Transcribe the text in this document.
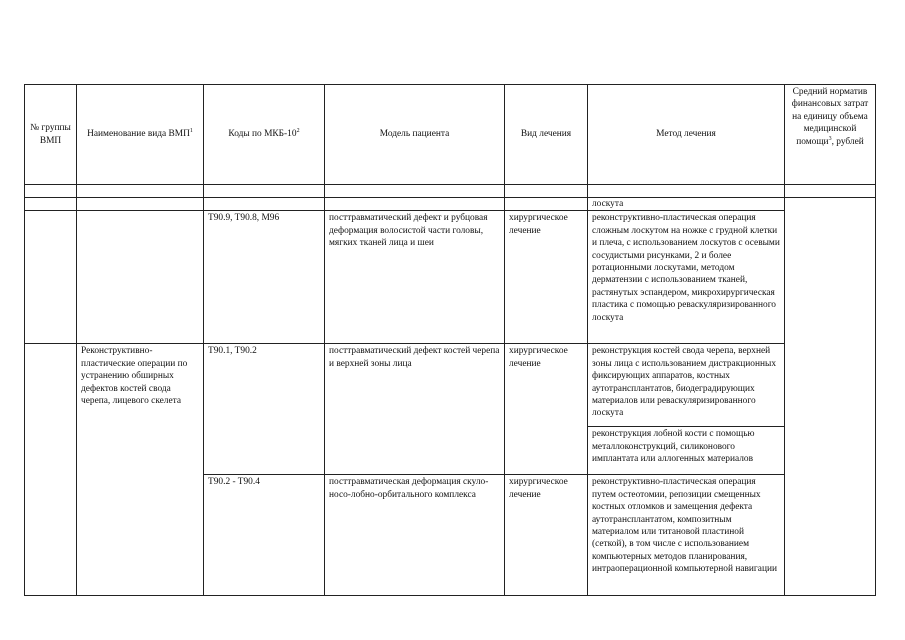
№ группы ВМП	Наименование вида ВМП$^1$	Коды по МКБ-$10^2$	Модель пациента	Вид лечения	Метод лечения	Средний норматив финансовых затрат на единицу объема медицинской помощи$^3$, рублей

					лоскута	
		T90.9, T90.8, M96	посттравматический дефект и рубцовая деформация волосистой части головы, мягких тканей лица и шеи	хирургическое лечение	реконструктивно-пластическая операция сложным лоскутом на ножке с грудной клетки и плеча, с использованием лоскутов с осевыми сосудистыми рисунками, 2 и более ротационными лоскутами, методом дерматензии с использованием тканей, растянутых эспандером, микрохирургическая пластика с помощью реваскуляризированного лоскута	
	Реконструктивно-пластические операции по устранению обширных дефектов костей свода черепа, лицевого скелета	T90.1, T90.2	посттравматический дефект костей черепа и верхней зоны лица	хирургическое лечение	реконструкция костей свода черепа, верхней зоны лица с использованием дистракционных фиксирующих аппаратов, костных аутотрансплантатов, биодеградирующих материалов или реваскуляризированного лоскута	
					реконструкция лобной кости с помощью металлоконструкций, силиконового имплантата или аллогенных материалов	
		T90.2 - T90.4	посттравматическая деформация скуло-носо-лобно-орбитального комплекса	хирургическое лечение	реконструктивно-пластическая операция путем остеотомии, репозиции смещенных костных отломков и замещения дефекта аутотрансплантатом, композитным материалом или титановой пластиной (сеткой), в том числе с использованием компьютерных методов планирования, интраоперационной компьютерной навигации	
